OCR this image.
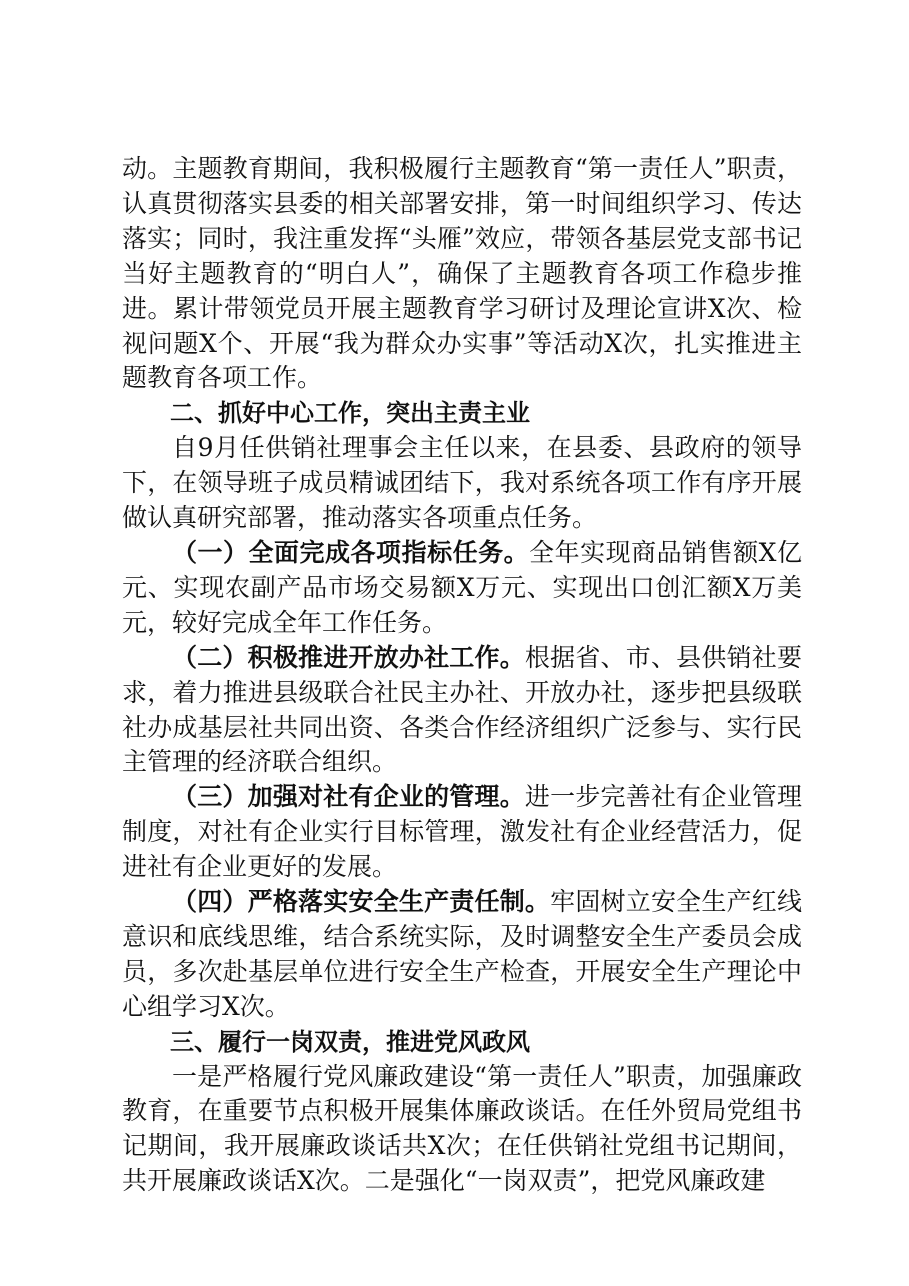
动。主题教育期间，我积极履行主题教育“第一责任人”职责，认真贯彻落实县委的相关部署安排，第一时间组织学习、传达落实；同时，我注重发挥“头雁”效应，带领各基层党支部书记当好主题教育的“明白人”，确保了主题教育各项工作稳步推进。累计带领党员开展主题教育学习研讨及理论宣讲X次、检视问题X个、开展“我为群众办实事”等活动X次，扎实推进主题教育各项工作。

二、抓好中心工作，突出主责主业

自9月任供销社理事会主任以来，在县委、县政府的领导下，在领导班子成员精诚团结下，我对系统各项工作有序开展做认真研究部署，推动落实各项重点任务。

（一）全面完成各项指标任务。全年实现商品销售额X亿元、实现农副产品市场交易额X万元、实现出口创汇额X万美元，较好完成全年工作任务。

（二）积极推进开放办社工作。根据省、市、县供销社要求，着力推进县级联合社民主办社、开放办社，逐步把县级联社办成基层社共同出资、各类合作经济组织广泛参与、实行民主管理的经济联合组织。

（三）加强对社有企业的管理。进一步完善社有企业管理制度，对社有企业实行目标管理，激发社有企业经营活力，促进社有企业更好的发展。

（四）严格落实安全生产责任制。牢固树立安全生产红线意识和底线思维，结合系统实际，及时调整安全生产委员会成员，多次赴基层单位进行安全生产检查，开展安全生产理论中心组学习X次。

三、履行一岗双责，推进党风政风

一是严格履行党风廉政建设“第一责任人”职责，加强廉政教育，在重要节点积极开展集体廉政谈话。在任外贸局党组书记期间，我开展廉政谈话共X次；在任供销社党组书记期间，共开展廉政谈话X次。二是强化“一岗双责”，把党风廉政建
